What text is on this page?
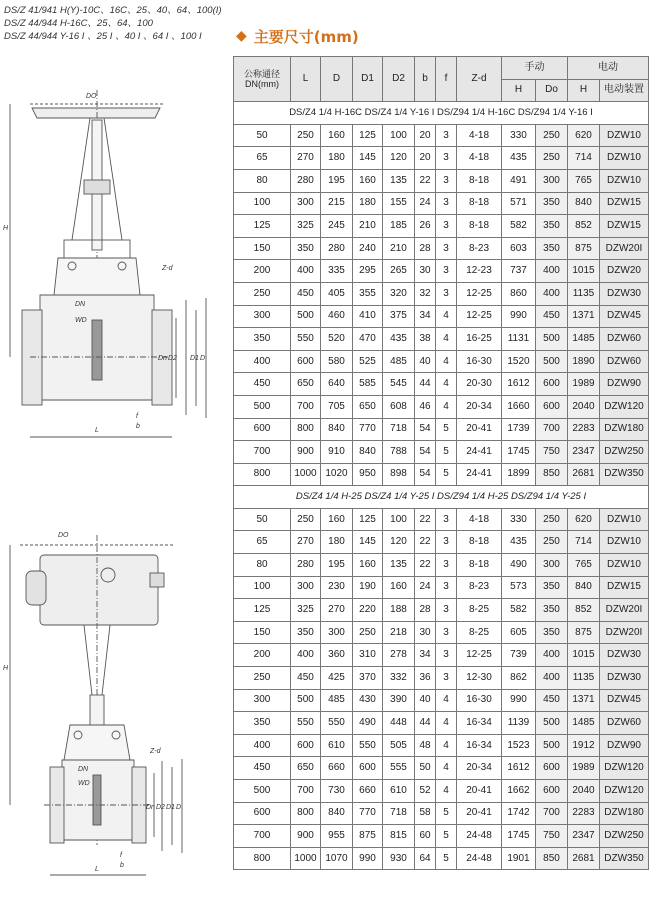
DS/Z 41/941 H(Y)-10C、16C、25、40、64、100(I)
DS/Z 44/944 H-16C、25、64、100
DS/Z 44/944 Y-16 I 、25 I 、40 I 、64 I 、100 I	◆ 主要尺寸(mm)
DO
H
Z-d
DN
WD
Dn D2 D1 D
f
b
L
DO
H
Z-d
DN
WD
Dn D2 D1 D
f
b
L
公称通径 DN(mm)	L	D	D1	D2	b	f	Z-d	手动		电动	
								H	Do	H	电动装置
DS/Z4 1/4 H-16C DS/Z4 1/4 Y-16 I DS/Z94 1/4 H-16C DS/Z94 1/4 Y-16 I											
50	250	160	125	100	20	3	4-18	330	250	620	DZW10
65	270	180	145	120	20	3	4-18	435	250	714	DZW10
80	280	195	160	135	22	3	8-18	491	300	765	DZW10
100	300	215	180	155	24	3	8-18	571	350	840	DZW15
125	325	245	210	185	26	3	8-18	582	350	852	DZW15
150	350	280	240	210	28	3	8-23	603	350	875	DZW20I
200	400	335	295	265	30	3	12-23	737	400	1015	DZW20
250	450	405	355	320	32	3	12-25	860	400	1135	DZW30
300	500	460	410	375	34	4	12-25	990	450	1371	DZW45
350	550	520	470	435	38	4	16-25	1131	500	1485	DZW60
400	600	580	525	485	40	4	16-30	1520	500	1890	DZW60
450	650	640	585	545	44	4	20-30	1612	600	1989	DZW90
500	700	705	650	608	46	4	20-34	1660	600	2040	DZW120
600	800	840	770	718	54	5	20-41	1739	700	2283	DZW180
700	900	910	840	788	54	5	24-41	1745	750	2347	DZW250
800	1000	1020	950	898	54	5	24-41	1899	850	2681	DZW350
DS/Z4 1/4 H-25 DS/Z4 1/4 Y-25 I DS/Z94 1/4 H-25 DS/Z94 1/4 Y-25 I											
50	250	160	125	100	22	3	4-18	330	250	620	DZW10
65	270	180	145	120	22	3	8-18	435	250	714	DZW10
80	280	195	160	135	22	3	8-18	490	300	765	DZW10
100	300	230	190	160	24	3	8-23	573	350	840	DZW15
125	325	270	220	188	28	3	8-25	582	350	852	DZW20I
150	350	300	250	218	30	3	8-25	605	350	875	DZW20I
200	400	360	310	278	34	3	12-25	739	400	1015	DZW30
250	450	425	370	332	36	3	12-30	862	400	1135	DZW30
300	500	485	430	390	40	4	16-30	990	450	1371	DZW45
350	550	550	490	448	44	4	16-34	1139	500	1485	DZW60
400	600	610	550	505	48	4	16-34	1523	500	1912	DZW90
450	650	660	600	555	50	4	20-34	1612	600	1989	DZW120
500	700	730	660	610	52	4	20-41	1662	600	2040	DZW120
600	800	840	770	718	58	5	20-41	1742	700	2283	DZW180
700	900	955	875	815	60	5	24-48	1745	750	2347	DZW250
800	1000	1070	990	930	64	5	24-48	1901	850	2681	DZW350
